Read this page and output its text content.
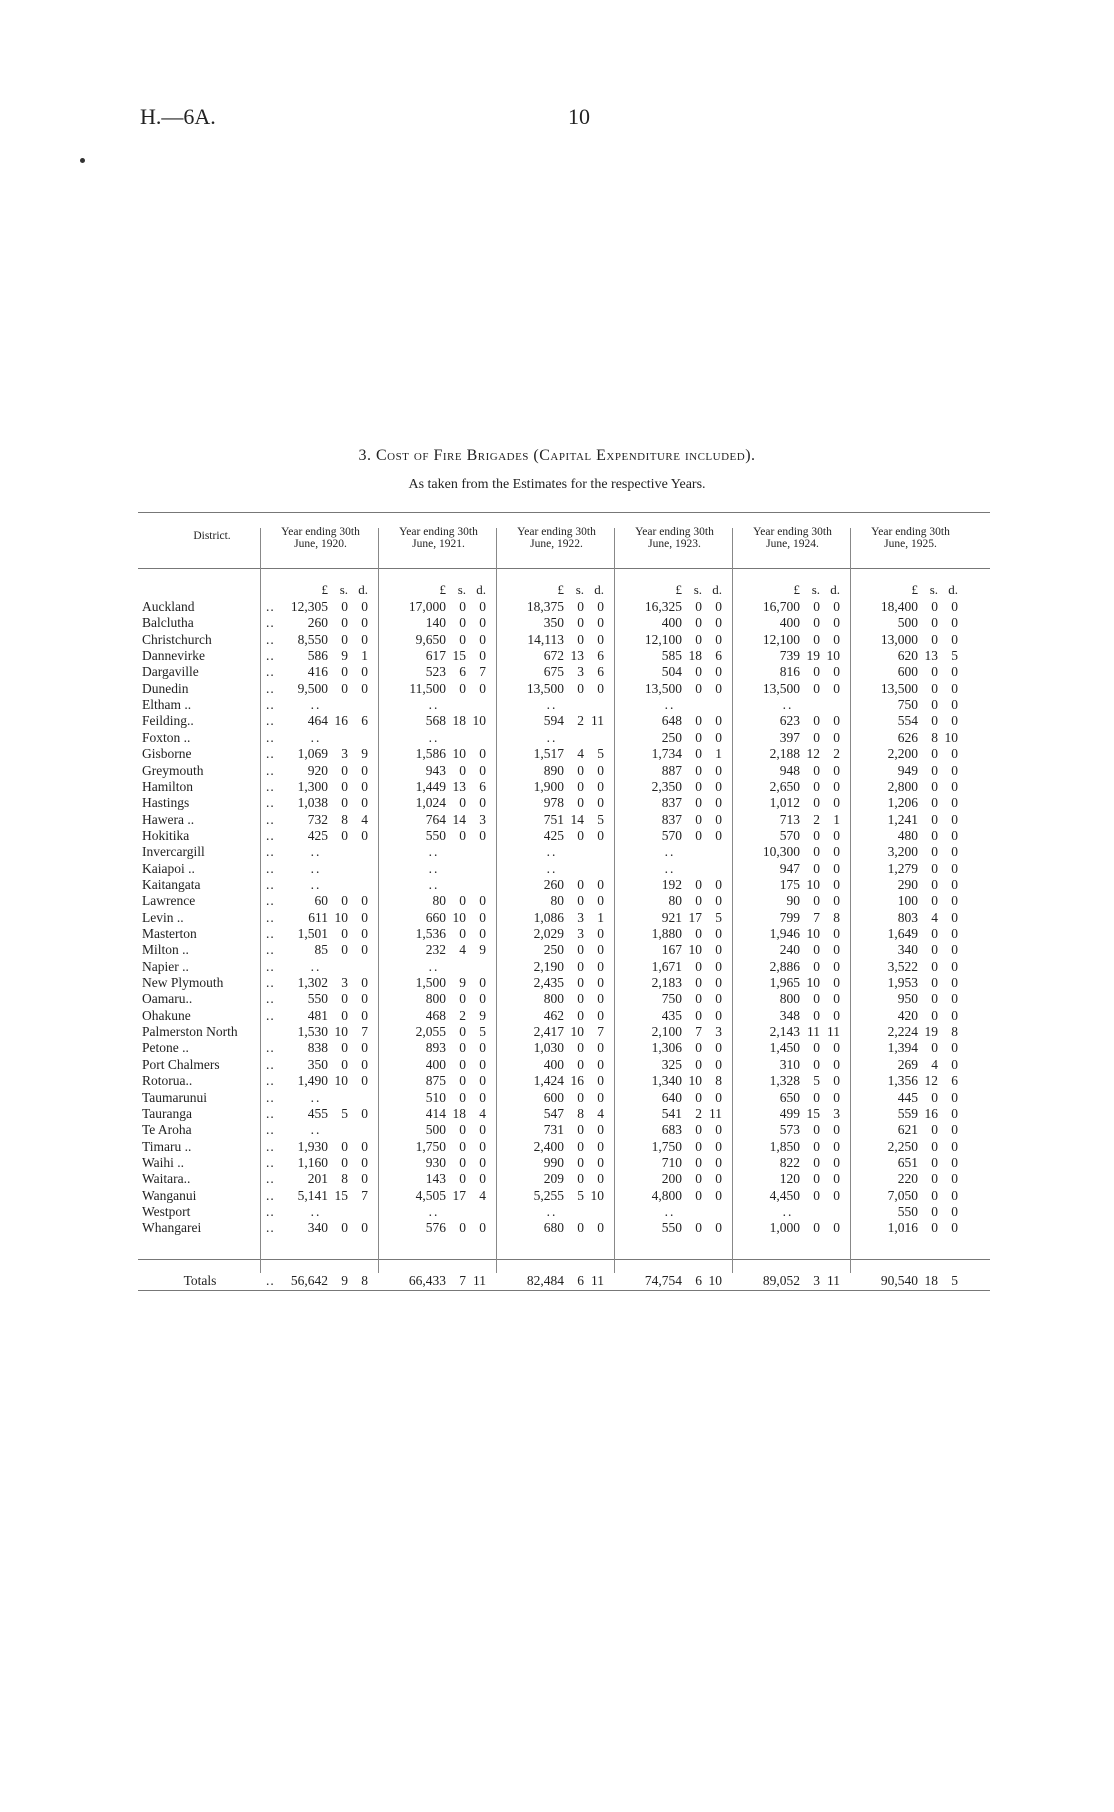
H.—6A.	10
3. Cost of Fire Brigades (Capital Expenditure included).
As taken from the Estimates for the respective Years.
District.	Year ending 30th
June, 1920.
Year ending 30th
June, 1921.
Year ending 30th
June, 1922.
Year ending 30th
June, 1923.
Year ending 30th
June, 1924.
Year ending 30th
June, 1925.
£ s. d.	£ s. d.	£ s. d.	£ s. d.	£ s. d.	£ s. d.
Auckland	..	12,305 0 0	17,000 0 0	18,375 0 0	16,325 0 0	16,700 0 0	18,400 0 0
Balclutha	..	260 0 0	140 0 0	350 0 0	400 0 0	400 0 0	500 0 0
Christchurch	..	8,550 0 0	9,650 0 0	14,113 0 0	12,100 0 0	12,100 0 0	13,000 0 0
Dannevirke	..	586 9 1	617 15 0	672 13 6	585 18 6	739 19 10	620 13 5
Dargaville	..	416 0 0	523 6 7	675 3 6	504 0 0	816 0 0	600 0 0
Dunedin	..	9,500 0 0	11,500 0 0	13,500 0 0	13,500 0 0	13,500 0 0	13,500 0 0
Eltham ..	..	..	..	..	..	..	750 0 0
Feilding..	..	464 16 6	568 18 10	594 2 11	648 0 0	623 0 0	554 0 0
Foxton ..	..	..	..	..	250 0 0	397 0 0	626 8 10
Gisborne	..	1,069 3 9	1,586 10 0	1,517 4 5	1,734 0 1	2,188 12 2	2,200 0 0
Greymouth	..	920 0 0	943 0 0	890 0 0	887 0 0	948 0 0	949 0 0
Hamilton	..	1,300 0 0	1,449 13 6	1,900 0 0	2,350 0 0	2,650 0 0	2,800 0 0
Hastings	..	1,038 0 0	1,024 0 0	978 0 0	837 0 0	1,012 0 0	1,206 0 0
Hawera ..	..	732 8 4	764 14 3	751 14 5	837 0 0	713 2 1	1,241 0 0
Hokitika	..	425 0 0	550 0 0	425 0 0	570 0 0	570 0 0	480 0 0
Invercargill	..	..	..	..	..	10,300 0 0	3,200 0 0
Kaiapoi ..	..	..	..	..	..	947 0 0	1,279 0 0
Kaitangata	..	..	..	260 0 0	192 0 0	175 10 0	290 0 0
Lawrence	..	60 0 0	80 0 0	80 0 0	80 0 0	90 0 0	100 0 0
Levin ..	..	611 10 0	660 10 0	1,086 3 1	921 17 5	799 7 8	803 4 0
Masterton	..	1,501 0 0	1,536 0 0	2,029 3 0	1,880 0 0	1,946 10 0	1,649 0 0
Milton ..	..	85 0 0	232 4 9	250 0 0	167 10 0	240 0 0	340 0 0
Napier ..	..	..	..	2,190 0 0	1,671 0 0	2,886 0 0	3,522 0 0
New Plymouth	..	1,302 3 0	1,500 9 0	2,435 0 0	2,183 0 0	1,965 10 0	1,953 0 0
Oamaru..	..	550 0 0	800 0 0	800 0 0	750 0 0	800 0 0	950 0 0
Ohakune	..	481 0 0	468 2 9	462 0 0	435 0 0	348 0 0	420 0 0
Palmerston North	1,530 10 7	2,055 0 5	2,417 10 7	2,100 7 3	2,143 11 11	2,224 19 8
Petone ..	..	838 0 0	893 0 0	1,030 0 0	1,306 0 0	1,450 0 0	1,394 0 0
Port Chalmers	..	350 0 0	400 0 0	400 0 0	325 0 0	310 0 0	269 4 0
Rotorua..	..	1,490 10 0	875 0 0	1,424 16 0	1,340 10 8	1,328 5 0	1,356 12 6
Taumarunui	..	..	510 0 0	600 0 0	640 0 0	650 0 0	445 0 0
Tauranga	..	455 5 0	414 18 4	547 8 4	541 2 11	499 15 3	559 16 0
Te Aroha	..	..	500 0 0	731 0 0	683 0 0	573 0 0	621 0 0
Timaru ..	..	1,930 0 0	1,750 0 0	2,400 0 0	1,750 0 0	1,850 0 0	2,250 0 0
Waihi ..	..	1,160 0 0	930 0 0	990 0 0	710 0 0	822 0 0	651 0 0
Waitara..	..	201 8 0	143 0 0	209 0 0	200 0 0	120 0 0	220 0 0
Wanganui	..	5,141 15 7	4,505 17 4	5,255 5 10	4,800 0 0	4,450 0 0	7,050 0 0
Westport	..	..	..	..	..	..	550 0 0
Whangarei	..	340 0 0	576 0 0	680 0 0	550 0 0	1,000 0 0	1,016 0 0
Totals	..	56,642 9 8	66,433 7 11	82,484 6 11	74,754 6 10	89,052 3 11	90,540 18 5
